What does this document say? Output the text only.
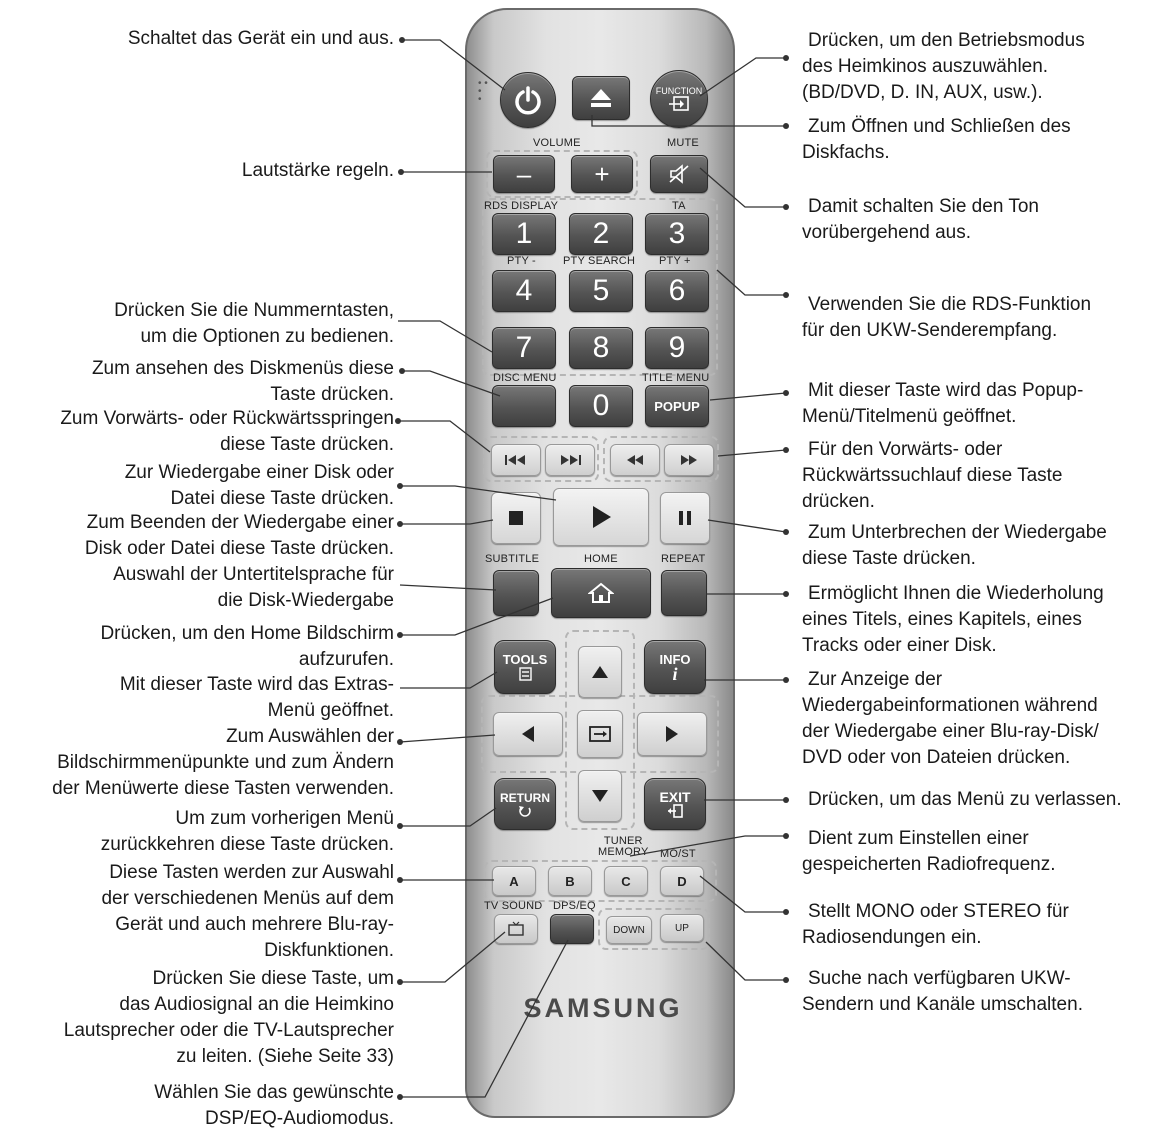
• •
•
•
FUNCTION
VOLUME	MUTE
– +
RDS DISPLAY	TA
PTY - PTY SEARCH PTY +
1 2 3
4 5 6
7 8 9
DISC MENU	TITLE MENU
0	POPUP
SUBTITLE	HOME	REPEAT
TOOLS	INFO
i
RETURN	EXIT
TUNER
MEMORY MO/ST
A	B	C	D
TV SOUND DPS/EQ
DOWN	UP
SAMSUNG
Schaltet das Gerät ein und aus.
Lautstärke regeln.
Drücken Sie die Nummerntasten,
um die Optionen zu bedienen.
Zum ansehen des Diskmenüs diese
Taste drücken.
Zum Vorwärts- oder Rückwärtsspringen
diese Taste drücken.
Zur Wiedergabe einer Disk oder
Datei diese Taste drücken.
Zum Beenden der Wiedergabe einer
Disk oder Datei diese Taste drücken.
Auswahl der Untertitelsprache für
die Disk-Wiedergabe
Drücken, um den Home Bildschirm
aufzurufen.
Mit dieser Taste wird das Extras-
Menü geöffnet.
Zum Auswählen der
Bildschirmmenüpunkte und zum Ändern
der Menüwerte diese Tasten verwenden.
Um zum vorherigen Menü
zurückkehren diese Taste drücken.
Diese Tasten werden zur Auswahl
der verschiedenen Menüs auf dem
Gerät und auch mehrere Blu-ray-
Diskfunktionen.
Drücken Sie diese Taste, um
das Audiosignal an die Heimkino
Lautsprecher oder die TV-Lautsprecher
zu leiten. (Siehe Seite 33)
Wählen Sie das gewünschte
DSP/EQ-Audiomodus.
Drücken, um den Betriebsmodus
des Heimkinos auszuwählen.
(BD/DVD, D. IN, AUX, usw.).
Zum Öffnen und Schließen des
Diskfachs.
Damit schalten Sie den Ton
vorübergehend aus.
Verwenden Sie die RDS-Funktion
für den UKW-Senderempfang.
Mit dieser Taste wird das Popup-
Menü/Titelmenü geöffnet.
Für den Vorwärts- oder
Rückwärtssuchlauf diese Taste
drücken.
Zum Unterbrechen der Wiedergabe
diese Taste drücken.
Ermöglicht Ihnen die Wiederholung
eines Titels, eines Kapitels, eines
Tracks oder einer Disk.
Zur Anzeige der
Wiedergabeinformationen während
der Wiedergabe einer Blu-ray-Disk/
DVD oder von Dateien drücken.
Drücken, um das Menü zu verlassen.
Dient zum Einstellen einer
gespeicherten Radiofrequenz.
Stellt MONO oder STEREO für
Radiosendungen ein.
Suche nach verfügbaren UKW-
Sendern und Kanäle umschalten.
